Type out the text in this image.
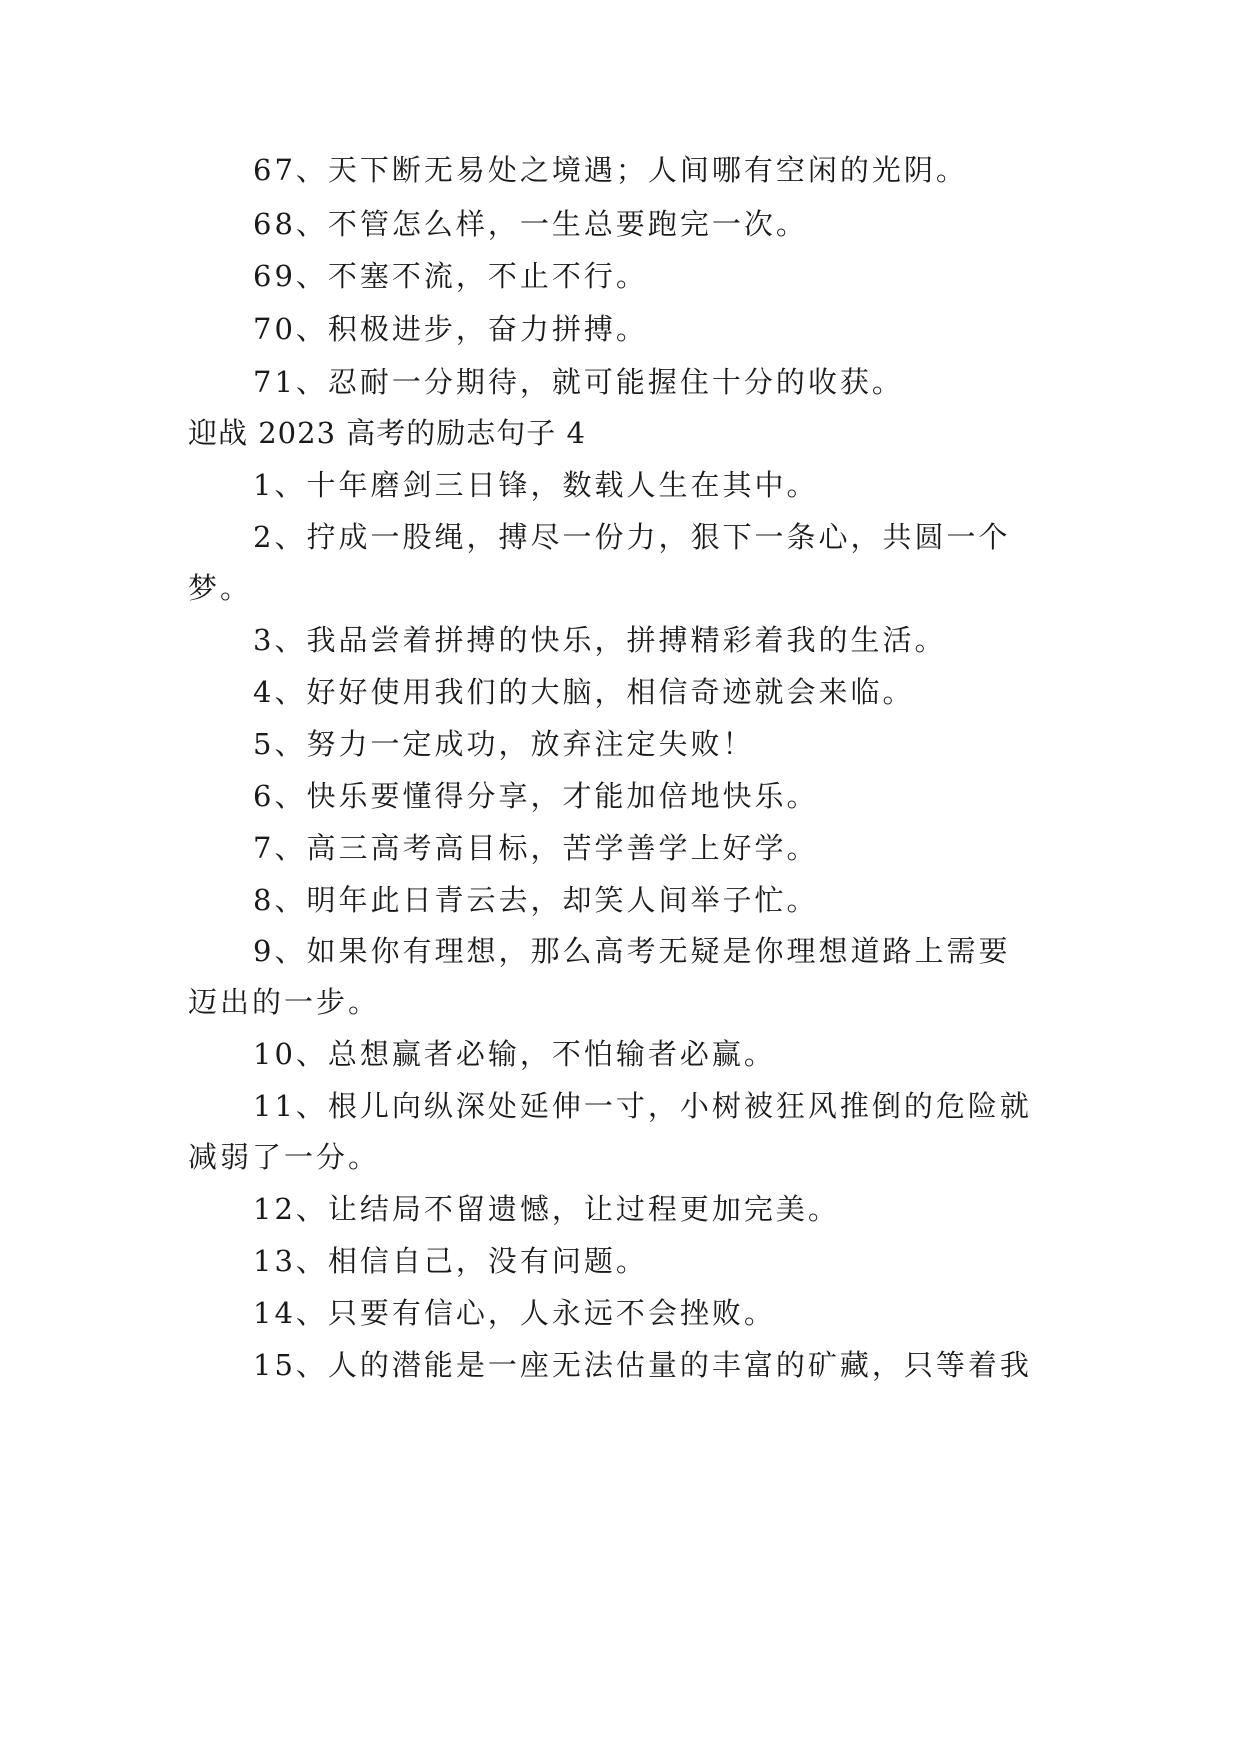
67、天下断无易处之境遇；人间哪有空闲的光阴。
68、不管怎么样，一生总要跑完一次。
69、不塞不流，不止不行。
70、积极进步，奋力拼搏。
71、忍耐一分期待，就可能握住十分的收获。
迎战 2023 高考的励志句子 4
1、十年磨剑三日锋，数载人生在其中。
2、拧成一股绳，搏尽一份力，狠下一条心，共圆一个
梦。
3、我品尝着拼搏的快乐，拼搏精彩着我的生活。
4、好好使用我们的大脑，相信奇迹就会来临。
5、努力一定成功，放弃注定失败！
6、快乐要懂得分享，才能加倍地快乐。
7、高三高考高目标，苦学善学上好学。
8、明年此日青云去，却笑人间举子忙。
9、如果你有理想，那么高考无疑是你理想道路上需要
迈出的一步。
10、总想赢者必输，不怕输者必赢。
11、根儿向纵深处延伸一寸，小树被狂风推倒的危险就
减弱了一分。
12、让结局不留遗憾，让过程更加完美。
13、相信自己，没有问题。
14、只要有信心，人永远不会挫败。
15、人的潜能是一座无法估量的丰富的矿藏，只等着我
